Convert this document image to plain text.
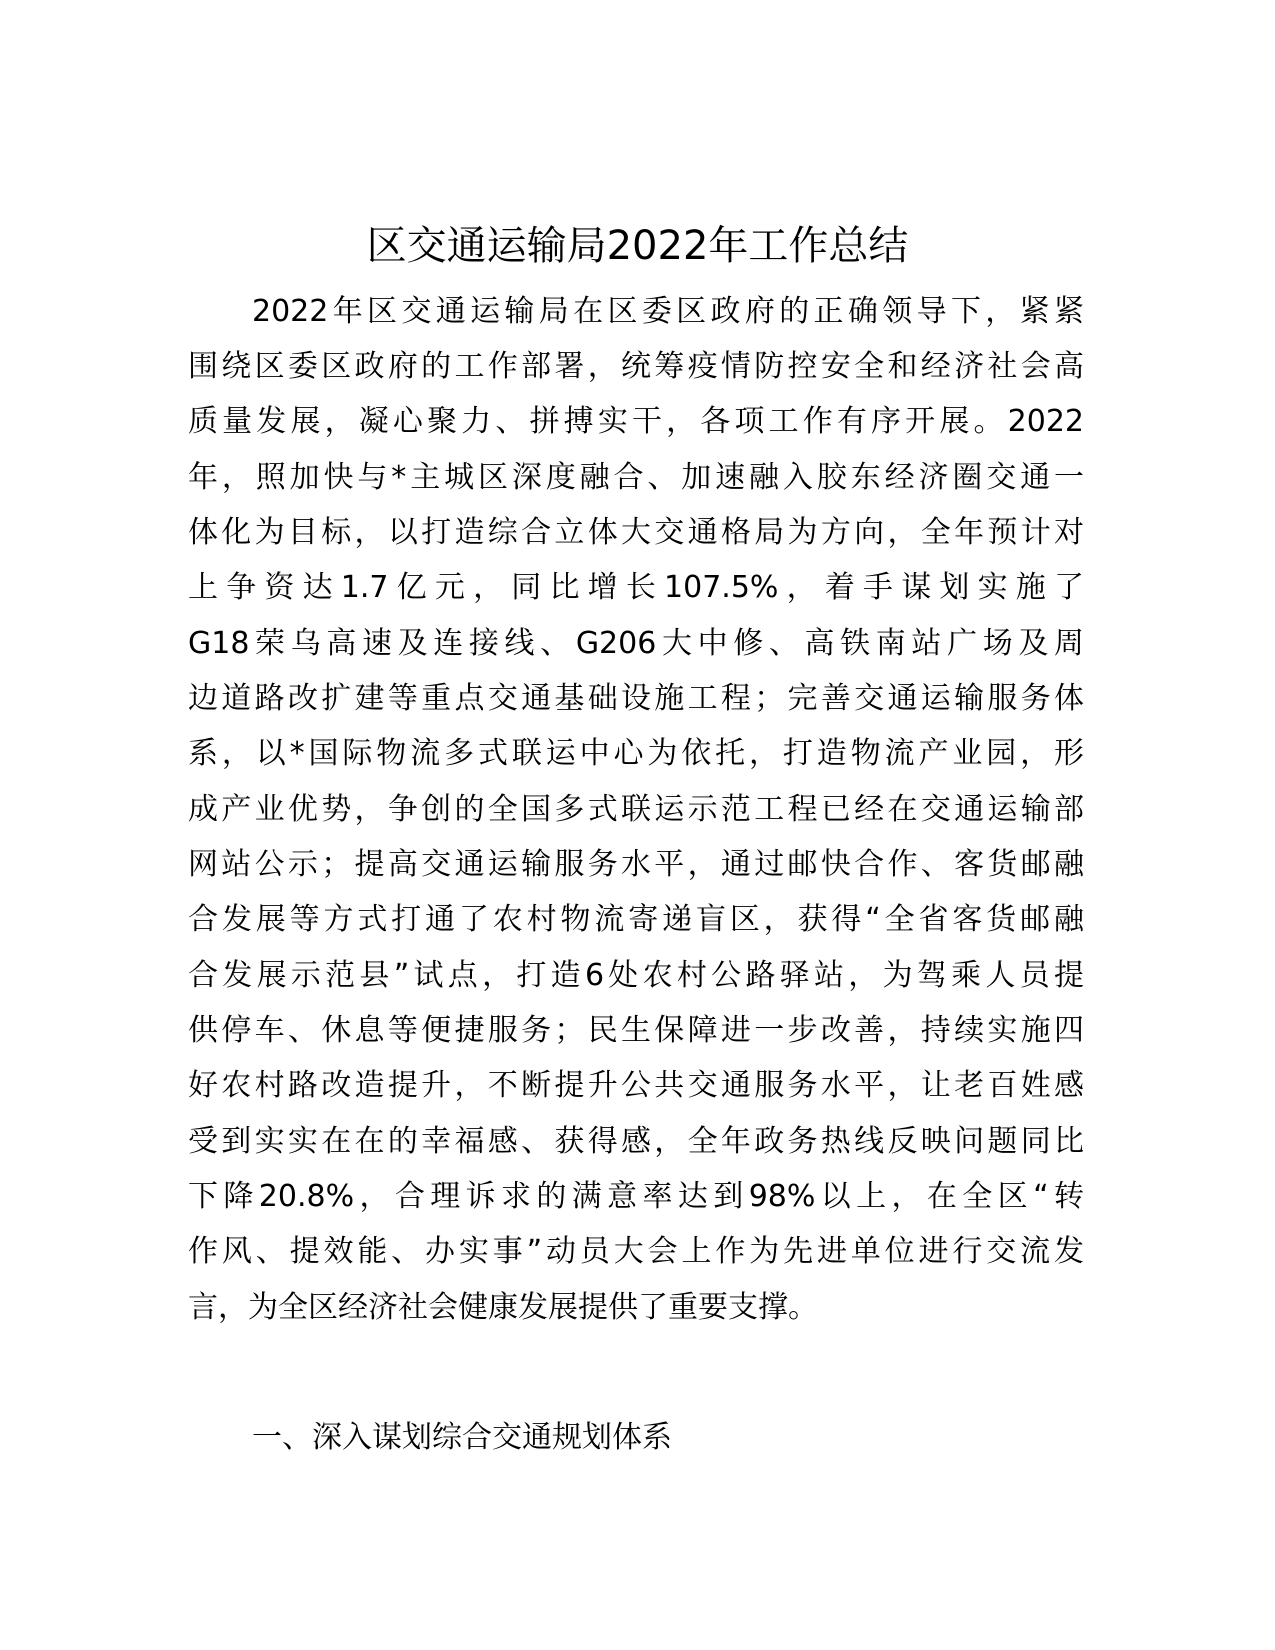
区交通运输局2022年工作总结
2022年区交通运输局在区委区政府的正确领导下，紧紧
围绕区委区政府的工作部署，统筹疫情防控安全和经济社会高
质量发展，凝心聚力、拼搏实干，各项工作有序开展。2022
年，照加快与*主城区深度融合、加速融入胶东经济圈交通一
体化为目标，以打造综合立体大交通格局为方向，全年预计对
上争资达1.7亿元，同比增长107.5%，着手谋划实施了
G18荣乌高速及连接线、G206大中修、高铁南站广场及周
边道路改扩建等重点交通基础设施工程；完善交通运输服务体
系，以*国际物流多式联运中心为依托，打造物流产业园，形
成产业优势，争创的全国多式联运示范工程已经在交通运输部
网站公示；提高交通运输服务水平，通过邮快合作、客货邮融
合发展等方式打通了农村物流寄递盲区，获得“全省客货邮融
合发展示范县”试点，打造6处农村公路驿站，为驾乘人员提
供停车、休息等便捷服务；民生保障进一步改善，持续实施四
好农村路改造提升，不断提升公共交通服务水平，让老百姓感
受到实实在在的幸福感、获得感，全年政务热线反映问题同比
下降20.8%，合理诉求的满意率达到98%以上，在全区“转
作风、提效能、办实事”动员大会上作为先进单位进行交流发
言，为全区经济社会健康发展提供了重要支撑。
一、深入谋划综合交通规划体系
